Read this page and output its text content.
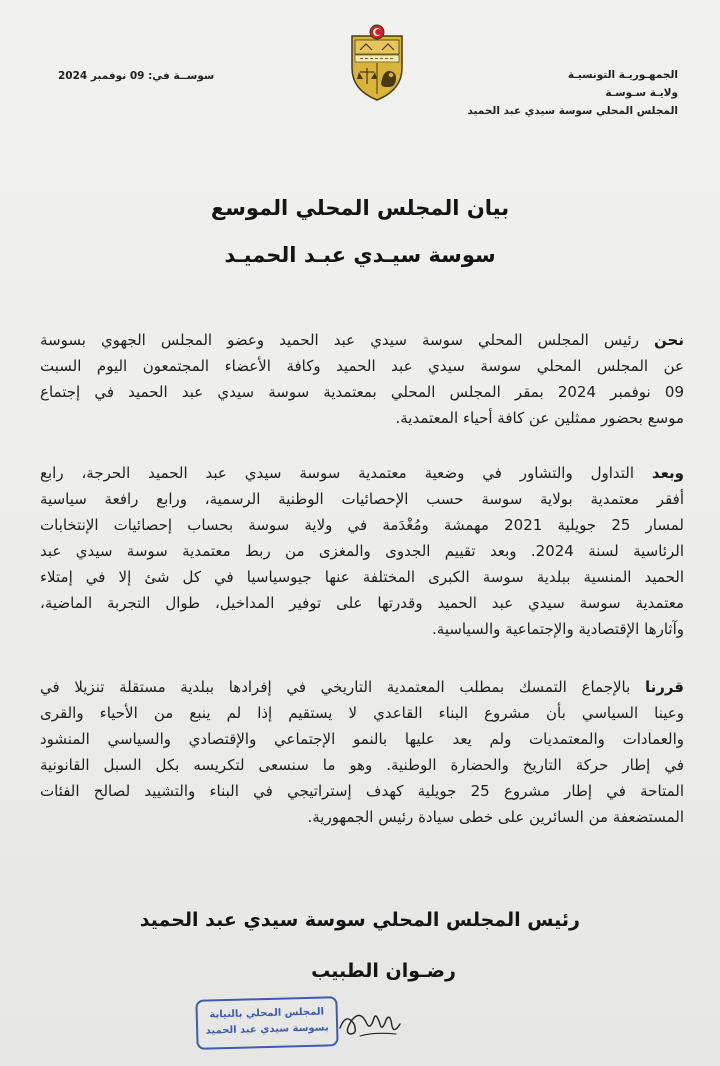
الجمهـوريـة التونسيـة
ولايـة سـوسـة
المجلس المحلي سوسة سيدي عبد الحميد
سوســة في: 09 نوفمبر 2024
بيان المجلس المحلي الموسع
سوسة سيـدي عبـد الحميـد
نحن رئيس المجلس المحلي سوسة سيدي عبد الحميد وعضو المجلس الجهوي بسوسة
عن المجلس المحلي سوسة سيدي عبد الحميد وكافة الأعضاء المجتمعون اليوم السبت
09 نوفمبر 2024 بمقر المجلس المحلي بمعتمدية سوسة سيدي عبد الحميد في إجتماع
موسع بحضور ممثلين عن كافة أحياء المعتمدية.
وبعد التداول والتشاور في وضعية معتمدية سوسة سيدي عبد الحميد الحرجة، رابع
أفقر معتمدية بولاية سوسة حسب الإحصائيات الوطنية الرسمية، ورابع رافعة سياسية
لمسار 25 جويلية 2021 مهمشة ومُغْدَمة في ولاية سوسة بحساب إحصائيات الإنتخابات
الرئاسية لسنة 2024. وبعد تقييم الجدوى والمغزى من ربط معتمدية سوسة سيدي عبد
الحميد المنسية ببلدية سوسة الكبرى المختلفة عنها جيوسياسيا في كل شئ إلا في إمتلاء
معتمدية سوسة سيدي عبد الحميد وقدرتها على توفير المداخيل، طوال التجربة الماضية،
وآثارها الإقتصادية والإجتماعية والسياسية.
قررنا بالإجماع التمسك بمطلب المعتمدية التاريخي في إفرادها ببلدية مستقلة تنزيلا في
وعينا السياسي بأن مشروع البناء القاعدي لا يستقيم إذا لم ينبع من الأحياء والقرى
والعمادات والمعتمديات ولم يعد عليها بالنمو الإجتماعي والإقتصادي والسياسي المنشود
في إطار حركة التاريخ والحضارة الوطنية. وهو ما سنسعى لتكريسه بكل السبل القانونية
المتاحة في إطار مشروع 25 جويلية كهدف إستراتيجي في البناء والتشييد لصالح الفئات
المستضعفة من السائرين على خطى سيادة رئيس الجمهورية.
رئيس المجلس المحلي سوسة سيدي عبد الحميد
رضـوان الطبيب
المجلس المحلي بالنيابة
بسوسة سيدي عبد الحميد
